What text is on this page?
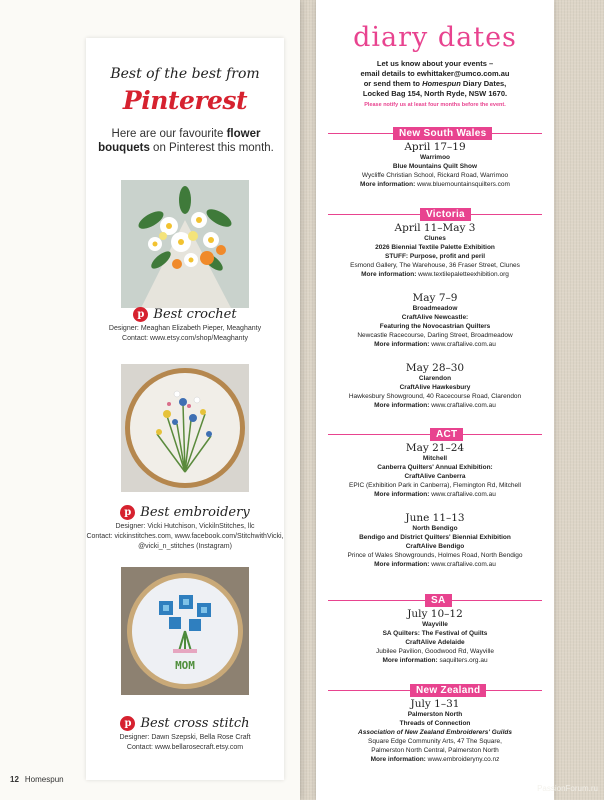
Best of the best from
Pinterest
Here are our favourite flower bouquets on Pinterest this month.
p Best crochet
Designer: Meaghan Elizabeth Pieper, Meaghanty
Contact: www.etsy.com/shop/Meaghanty
p Best embroidery
Designer: Vicki Hutchison, VickilnStitches, llc
Contact: vickinstitches.com, www.facebook.com/StitchwithVicki,
@vicki_n_stitches (Instagram)
MOM
p Best cross stitch
Designer: Dawn Szepski, Bella Rose Craft
Contact: www.bellarosecraft.etsy.com
12 Homespun
diary dates
Let us know about your events –
email details to ewhittaker@umco.com.au
or send them to Homespun Diary Dates,
Locked Bag 154, North Ryde, NSW 1670.
Please notify us at least four months before the event.
New South Wales
April 17–19
Warrimoo
Blue Mountains Quilt Show
Wycliffe Christian School, Rickard Road, Warrimoo
More information: www.bluemountainsquilters.com
Victoria
April 11–May 3
Clunes
2026 Biennial Textile Palette Exhibition
STUFF: Purpose, profit and peril
Esmond Gallery, The Warehouse, 36 Fraser Street, Clunes
More information: www.textilepaletteexhibition.org
May 7–9
Broadmeadow
CraftAlive Newcastle:
Featuring the Novocastrian Quilters
Newcastle Racecourse, Darling Street, Broadmeadow
More information: www.craftalive.com.au
May 28–30
Clarendon
CraftAlive Hawkesbury
Hawkesbury Showground, 40 Racecourse Road, Clarendon
More information: www.craftalive.com.au
ACT
May 21–24
Mitchell
Canberra Quilters' Annual Exhibition:
CraftAlive Canberra
EPIC (Exhibition Park in Canberra), Flemington Rd, Mitchell
More information: www.craftalive.com.au
June 11–13
North Bendigo
Bendigo and District Quilters' Biennial Exhibition
CraftAlive Bendigo
Prince of Wales Showgrounds, Holmes Road, North Bendigo
More information: www.craftalive.com.au
SA
July 10–12
Wayville
SA Quilters: The Festival of Quilts
CraftAlive Adelaide
Jubilee Pavilion, Goodwood Rd, Wayville
More information: saquilters.org.au
New Zealand
July 1–31
Palmerston North
Threads of Connection
Association of New Zealand Embroiderers' Guilds
Square Edge Community Arts, 47 The Square,
Palmerston North Central, Palmerston North
More information: www.embroideryny.co.nz
PassionForum.ru
